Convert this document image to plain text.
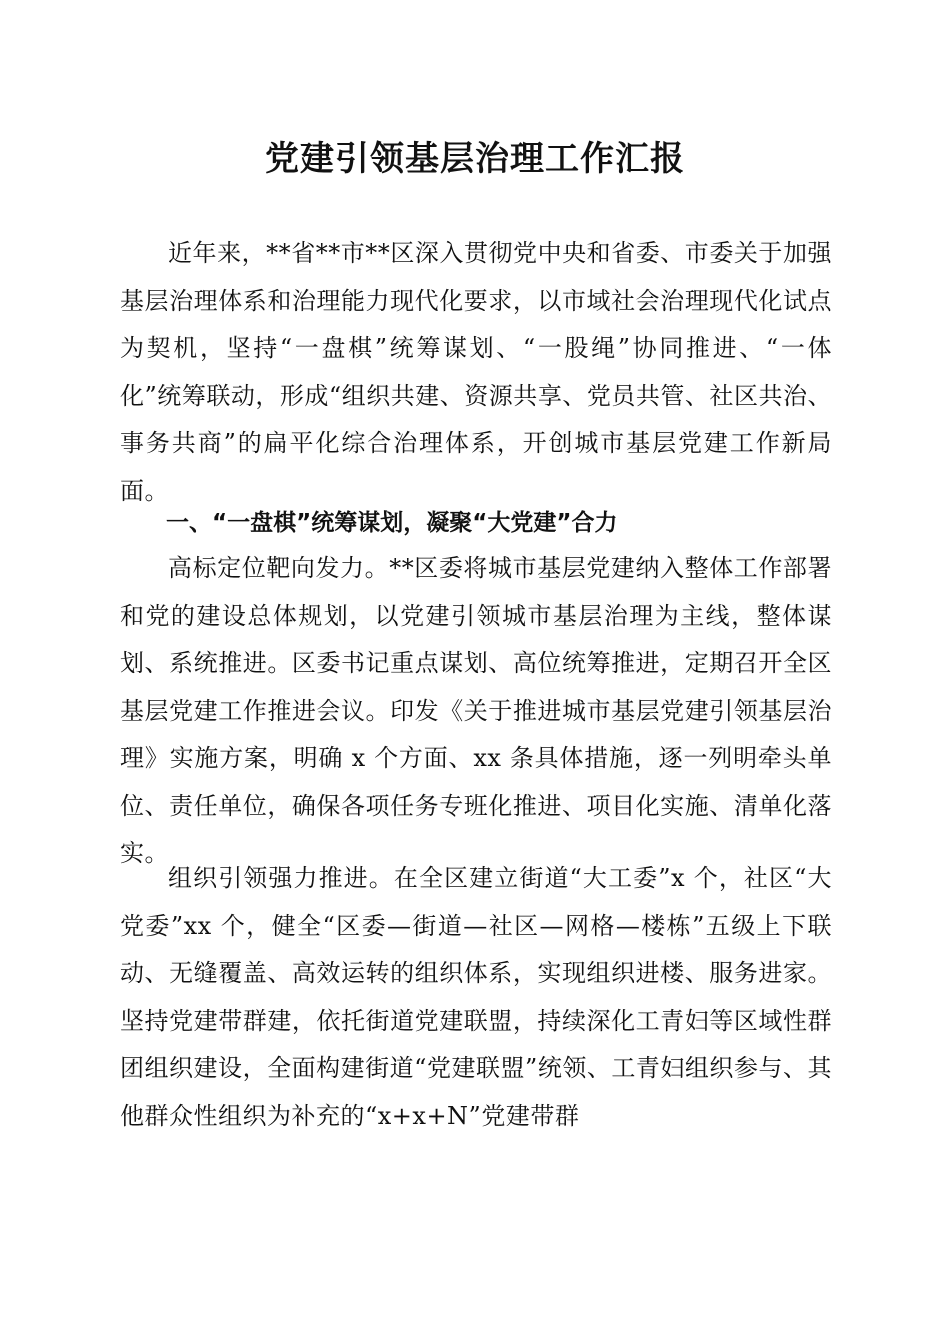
党建引领基层治理工作汇报

近年来，**省**市**区深入贯彻党中央和省委、市委关于加强基层治理体系和治理能力现代化要求，以市域社会治理现代化试点为契机，坚持“一盘棋”统筹谋划、“一股绳”协同推进、“一体化”统筹联动，形成“组织共建、资源共享、党员共管、社区共治、事务共商”的扁平化综合治理体系，开创城市基层党建工作新局面。

一、“一盘棋”统筹谋划，凝聚“大党建”合力

高标定位靶向发力。**区委将城市基层党建纳入整体工作部署和党的建设总体规划，以党建引领城市基层治理为主线，整体谋划、系统推进。区委书记重点谋划、高位统筹推进，定期召开全区基层党建工作推进会议。印发《关于推进城市基层党建引领基层治理》实施方案，明确 x 个方面、xx 条具体措施，逐一列明牵头单位、责任单位，确保各项任务专班化推进、项目化实施、清单化落实。

组织引领强力推进。在全区建立街道“大工委”x 个，社区“大党委”xx 个，健全“区委—街道—社区—网格—楼栋”五级上下联动、无缝覆盖、高效运转的组织体系，实现组织进楼、服务进家。坚持党建带群建，依托街道党建联盟，持续深化工青妇等区域性群团组织建设，全面构建街道“党建联盟”统领、工青妇组织参与、其他群众性组织为补充的“x+x+N”党建带群
